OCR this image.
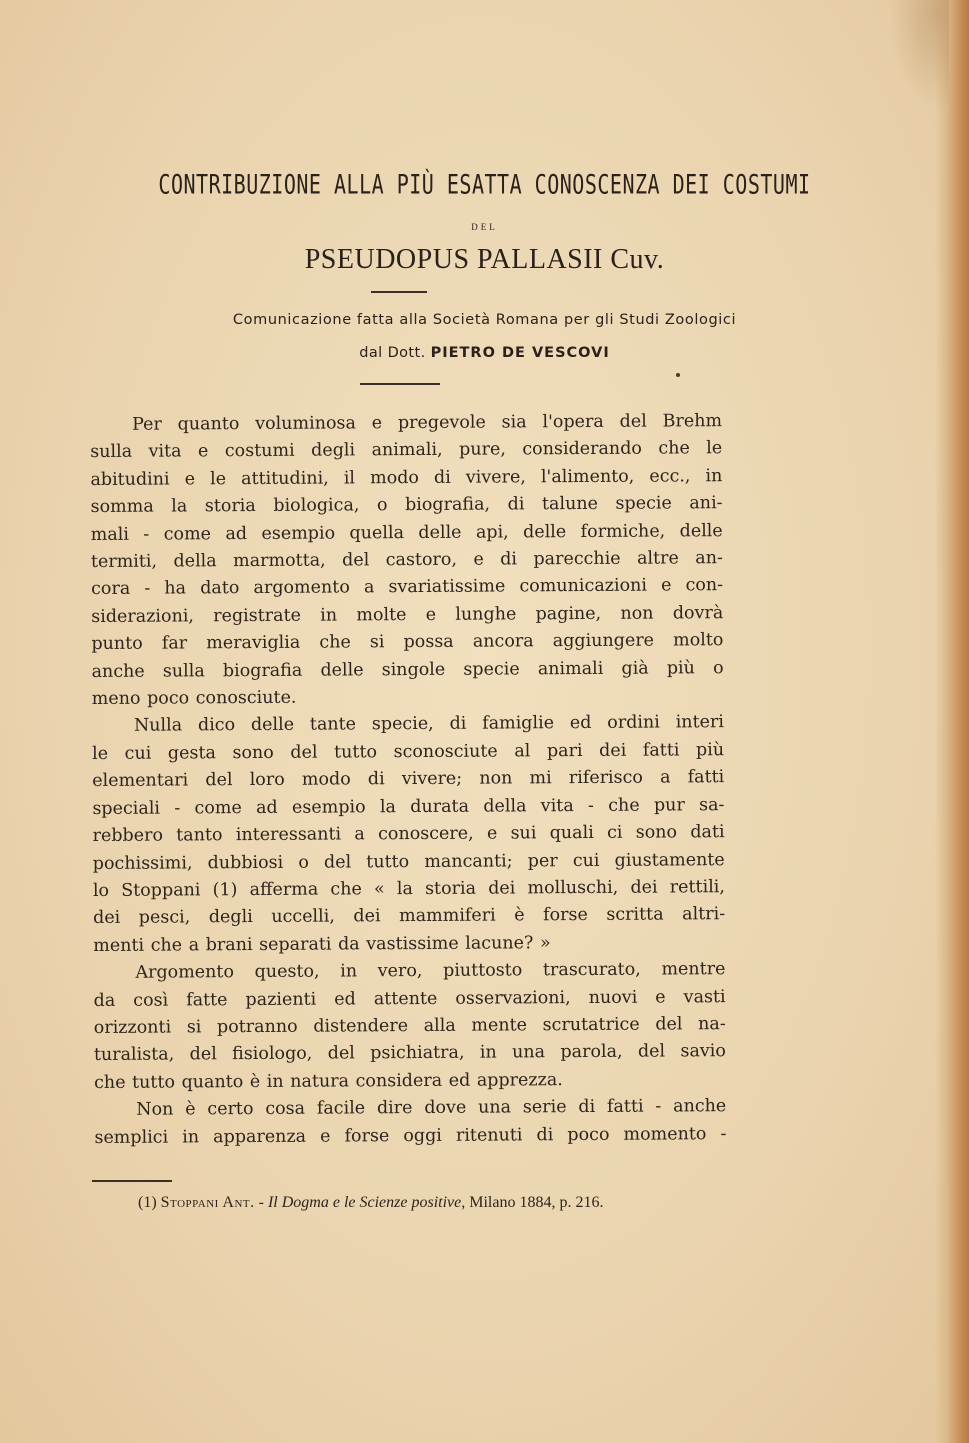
CONTRIBUZIONE ALLA PIÙ ESATTA CONOSCENZA DEI COSTUMI
DEL
PSEUDOPUS PALLASII Cuv.
Comunicazione fatta alla Società Romana per gli Studi Zoologici
dal Dott. PIETRO DE VESCOVI

Per quanto voluminosa e pregevole sia l'opera del Brehm
sulla vita e costumi degli animali, pure, considerando che le
abitudini e le attitudini, il modo di vivere, l'alimento, ecc., in
somma la storia biologica, o biografia, di talune specie ani-
mali - come ad esempio quella delle api, delle formiche, delle
termiti, della marmotta, del castoro, e di parecchie altre an-
cora - ha dato argomento a svariatissime comunicazioni e con-
siderazioni, registrate in molte e lunghe pagine, non dovrà
punto far meraviglia che si possa ancora aggiungere molto
anche sulla biografia delle singole specie animali già più o
meno poco conosciute.

Nulla dico delle tante specie, di famiglie ed ordini interi
le cui gesta sono del tutto sconosciute al pari dei fatti più
elementari del loro modo di vivere; non mi riferisco a fatti
speciali - come ad esempio la durata della vita - che pur sa-
rebbero tanto interessanti a conoscere, e sui quali ci sono dati
pochissimi, dubbiosi o del tutto mancanti; per cui giustamente
lo Stoppani (1) afferma che « la storia dei molluschi, dei rettili,
dei pesci, degli uccelli, dei mammiferi è forse scritta altri-
menti che a brani separati da vastissime lacune? »

Argomento questo, in vero, piuttosto trascurato, mentre
da così fatte pazienti ed attente osservazioni, nuovi e vasti
orizzonti si potranno distendere alla mente scrutatrice del na-
turalista, del fisiologo, del psichiatra, in una parola, del savio
che tutto quanto è in natura considera ed apprezza.

Non è certo cosa facile dire dove una serie di fatti - anche
semplici in apparenza e forse oggi ritenuti di poco momento -

(1) Stoppani Ant. - Il Dogma e le Scienze positive, Milano 1884, p. 216.
